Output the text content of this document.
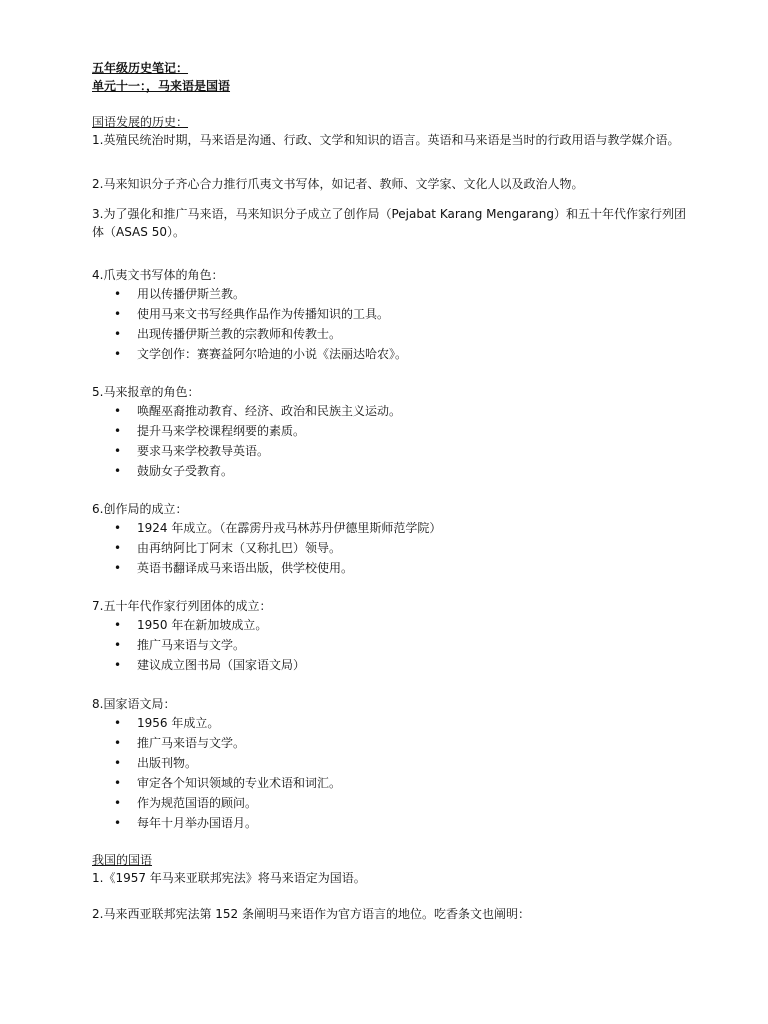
五年级历史笔记：

单元十一：，马来语是国语

国语发展的历史：

1.英殖民统治时期，马来语是沟通、行政、文学和知识的语言。英语和马来语是当时的行政用语与教学媒介语。

2.马来知识分子齐心合力推行爪夷文书写体，如记者、教师、文学家、文化人以及政治人物。

3.为了强化和推广马来语，马来知识分子成立了创作局（Pejabat Karang Mengarang）和五十年代作家行列团体（ASAS 50）。

4.爪夷文书写体的角色：

• 用以传播伊斯兰教。
• 使用马来文书写经典作品作为传播知识的工具。
• 出现传播伊斯兰教的宗教师和传教士。
• 文学创作：赛赛益阿尔哈迪的小说《法丽达哈农》。

5.马来报章的角色：

• 唤醒巫裔推动教育、经济、政治和民族主义运动。
• 提升马来学校课程纲要的素质。
• 要求马来学校教导英语。
• 鼓励女子受教育。

6.创作局的成立：

• 1924 年成立。（在霹雳丹戎马林苏丹伊德里斯师范学院）
• 由再纳阿比丁阿末（又称扎巴）领导。
• 英语书翻译成马来语出版，供学校使用。

7.五十年代作家行列团体的成立：

• 1950 年在新加坡成立。
• 推广马来语与文学。
• 建议成立图书局（国家语文局）

8.国家语文局：

• 1956 年成立。
• 推广马来语与文学。
• 出版刊物。
• 审定各个知识领域的专业术语和词汇。
• 作为规范国语的顾问。
• 每年十月举办国语月。

我国的国语

1.《1957 年马来亚联邦宪法》将马来语定为国语。

2.马来西亚联邦宪法第 152 条阐明马来语作为官方语言的地位。吃香条文也阐明：
